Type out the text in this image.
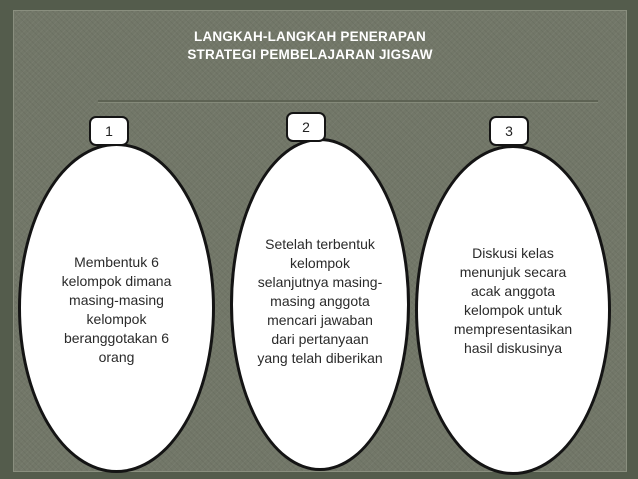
LANGKAH-LANGKAH PENERAPAN
STRATEGI PEMBELAJARAN JIGSAW
Membentuk 6 kelompok dimana masing-masing kelompok beranggotakan 6 orang
Setelah terbentuk kelompok selanjutnya masing-masing anggota mencari jawaban dari pertanyaan yang telah diberikan
Diskusi kelas menunjuk secara acak anggota kelompok untuk mempresentasikan hasil diskusinya
1	2	3
